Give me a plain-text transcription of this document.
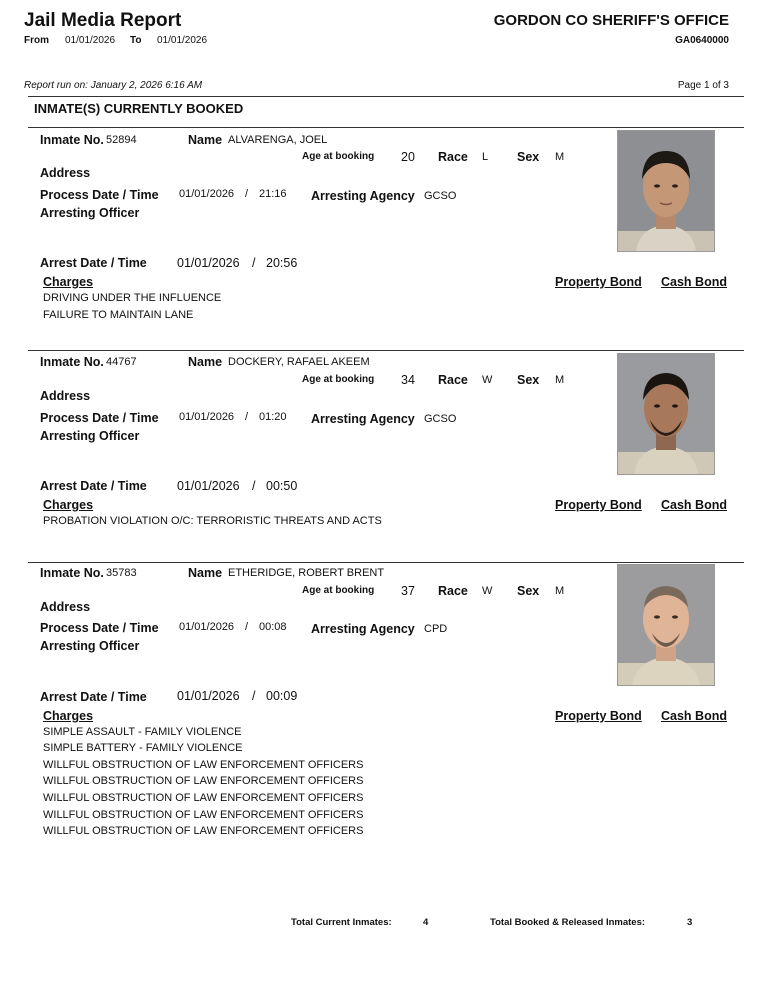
Jail Media Report
From 01/01/2026 To 01/01/2026
GORDON CO SHERIFF'S OFFICE
GA0640000
Report run on: January 2, 2026 6:16 AM	Page 1 of 3
INMATE(S) CURRENTLY BOOKED
Inmate No. 52894	Name ALVARENGA, JOEL
Age at booking 20 Race L Sex M
Address
Process Date / Time 01/01/2026 / 21:16 Arresting Agency GCSO
Arresting Officer
Arrest Date / Time 01/01/2026 / 20:56
Charges	Property Bond Cash Bond
DRIVING UNDER THE INFLUENCE
FAILURE TO MAINTAIN LANE
Inmate No. 44767	Name DOCKERY, RAFAEL AKEEM
Age at booking 34 Race W Sex M
Address
Process Date / Time 01/01/2026 / 01:20 Arresting Agency GCSO
Arresting Officer
Arrest Date / Time 01/01/2026 / 00:50
Charges	Property Bond Cash Bond
PROBATION VIOLATION O/C: TERRORISTIC THREATS AND ACTS
Inmate No. 35783	Name ETHERIDGE, ROBERT BRENT
Age at booking 37 Race W Sex M
Address
Process Date / Time 01/01/2026 / 00:08 Arresting Agency CPD
Arresting Officer
Arrest Date / Time 01/01/2026 / 00:09
Charges	Property Bond Cash Bond
SIMPLE ASSAULT - FAMILY VIOLENCE
SIMPLE BATTERY - FAMILY VIOLENCE
WILLFUL OBSTRUCTION OF LAW ENFORCEMENT OFFICERS
WILLFUL OBSTRUCTION OF LAW ENFORCEMENT OFFICERS
WILLFUL OBSTRUCTION OF LAW ENFORCEMENT OFFICERS
WILLFUL OBSTRUCTION OF LAW ENFORCEMENT OFFICERS
WILLFUL OBSTRUCTION OF LAW ENFORCEMENT OFFICERS
Total Current Inmates:	4	Total Booked & Released Inmates:	3
